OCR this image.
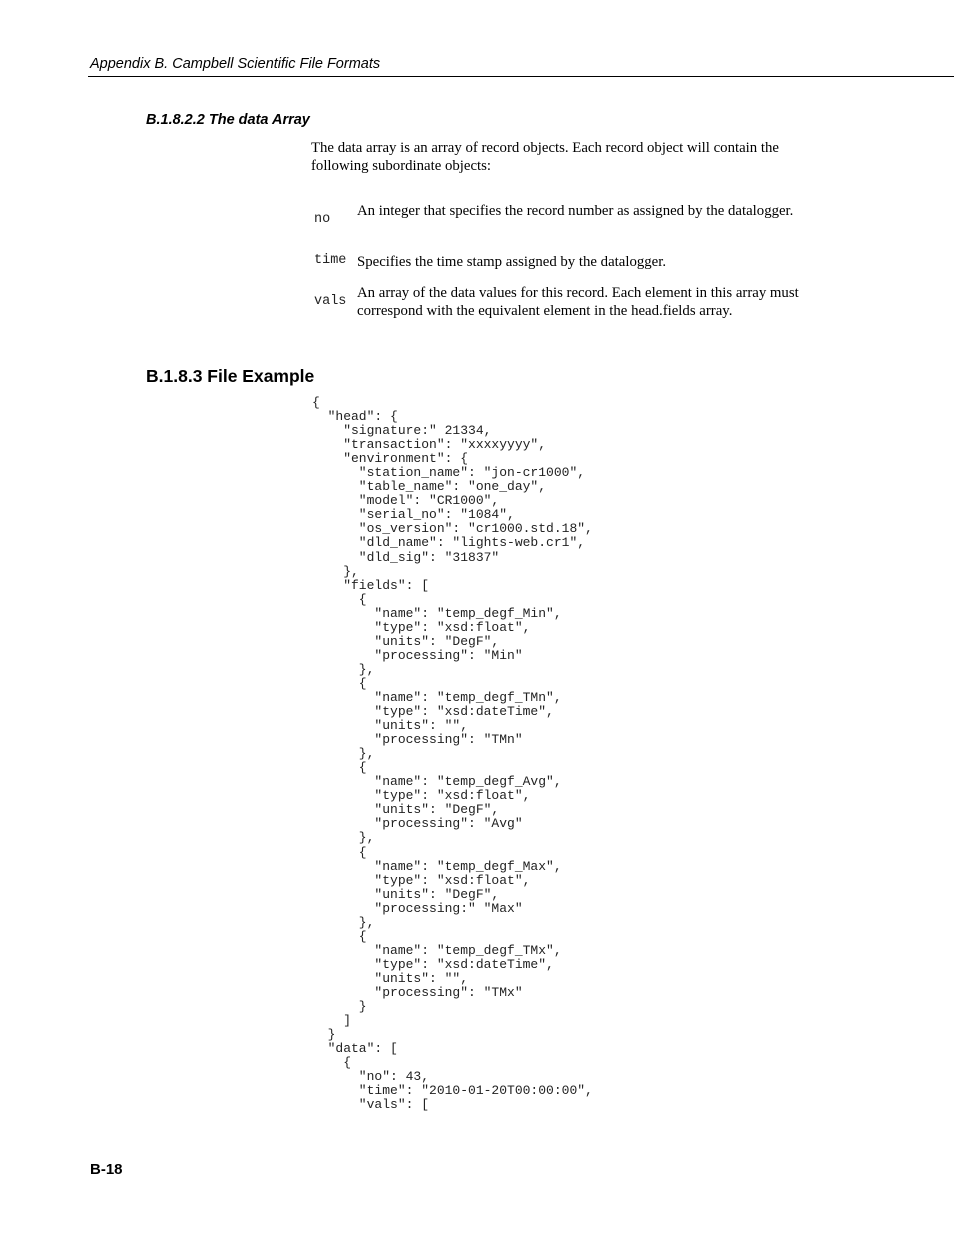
Appendix B. Campbell Scientific File Formats
B.1.8.2.2 The data Array
The data array is an array of record objects. Each record object will contain the following subordinate objects:
no
An integer that specifies the record number as assigned by the datalogger.
time Specifies the time stamp assigned by the datalogger.
vals
An array of the data values for this record. Each element in this array must correspond with the equivalent element in the head.fields array.
B.1.8.3 File Example
{
"head": {
"signature:" 21334,
"transaction": "xxxxyyyy",
"environment": {
"station_name": "jon-cr1000",
"table_name": "one_day",
"model": "CR1000",
"serial_no": "1084",
"os_version": "cr1000.std.18",
"dld_name": "lights-web.cr1",
"dld_sig": "31837"
},
"fields": [
{
"name": "temp_degf_Min",
"type": "xsd:float",
"units": "DegF",
"processing": "Min"
},
{
"name": "temp_degf_TMn",
"type": "xsd:dateTime",
"units": "",
"processing": "TMn"
},
{
"name": "temp_degf_Avg",
"type": "xsd:float",
"units": "DegF",
"processing": "Avg"
},
{
"name": "temp_degf_Max",
"type": "xsd:float",
"units": "DegF",
"processing:" "Max"
},
{
"name": "temp_degf_TMx",
"type": "xsd:dateTime",
"units": "",
"processing": "TMx"
}
]
}
"data": [
{
"no": 43,
"time": "2010-01-20T00:00:00",
"vals": [
B-18
